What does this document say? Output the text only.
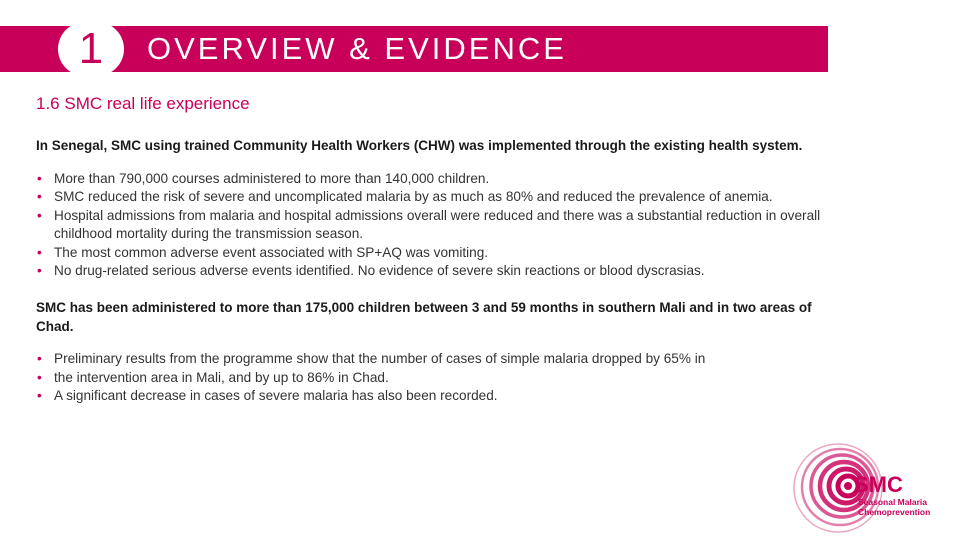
1 OVERVIEW & EVIDENCE
1.6 SMC real life experience

In Senegal, SMC using trained Community Health Workers (CHW) was implemented through the existing health system.

• More than 790,000 courses administered to more than 140,000 children.
• SMC reduced the risk of severe and uncomplicated malaria by as much as 80% and reduced the prevalence of anemia.
• Hospital admissions from malaria and hospital admissions overall were reduced and there was a substantial reduction in overall childhood mortality during the transmission season.
• The most common adverse event associated with SP+AQ was vomiting.
• No drug-related serious adverse events identified. No evidence of severe skin reactions or blood dyscrasias.

SMC has been administered to more than 175,000 children between 3 and 59 months in southern Mali and in two areas of Chad.

• Preliminary results from the programme show that the number of cases of simple malaria dropped by 65% in
• the intervention area in Mali, and by up to 86% in Chad.
• A significant decrease in cases of severe malaria has also been recorded.
SMC
Seasonal Malaria
Chemoprevention
